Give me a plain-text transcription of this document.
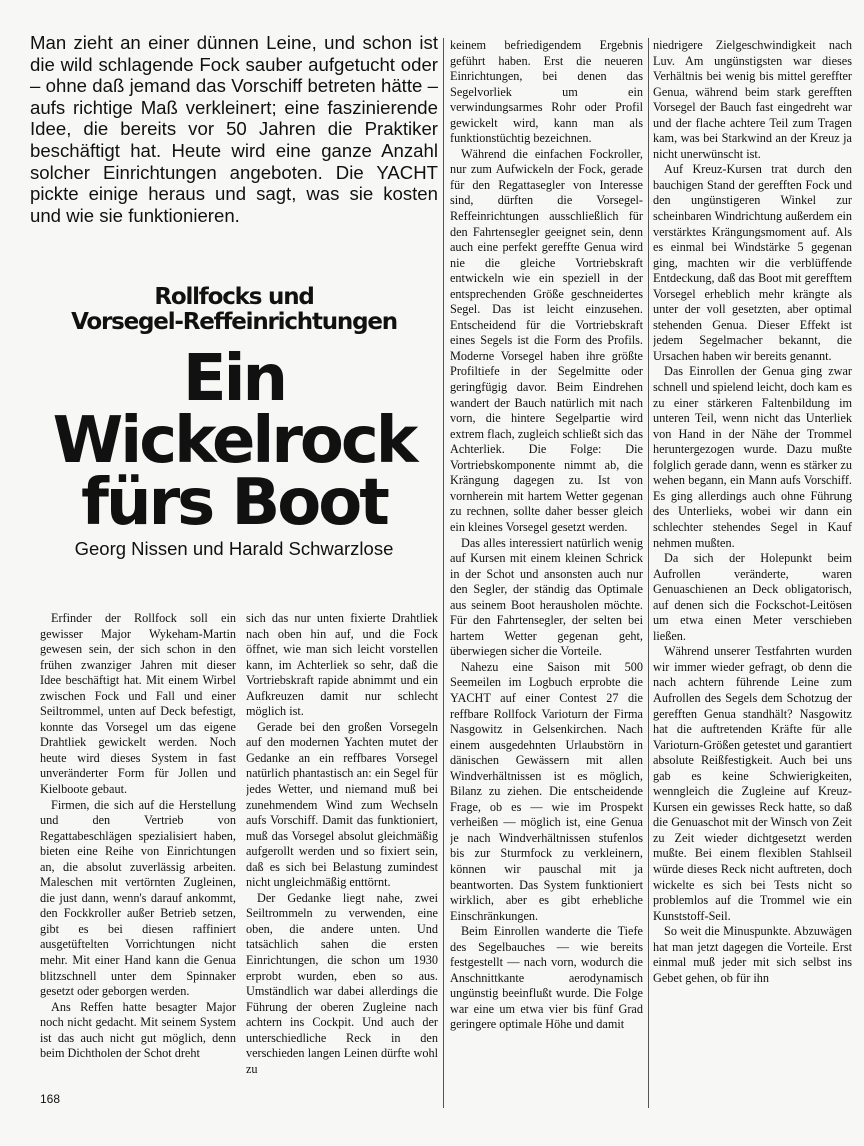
Man zieht an einer dünnen Leine, und schon ist die wild schlagende Fock sauber aufgetucht oder – ohne daß jemand das Vorschiff betreten hätte – aufs richtige Maß verkleinert; eine faszinierende Idee, die bereits vor 50 Jahren die Praktiker beschäftigt hat. Heute wird eine ganze Anzahl solcher Einrichtungen angeboten. Die YACHT pickte einige heraus und sagt, was sie kosten und wie sie funktionieren.

Rollfocks und
Vorsegel-Reffeinrichtungen
Ein
Wickelrock
fürs Boot
Georg Nissen und Harald Schwarzlose

Erfinder der Rollfock soll ein gewisser Major Wykeham-Martin gewesen sein, der sich schon in den frühen zwanziger Jahren mit dieser Idee beschäftigt hat. Mit einem Wirbel zwischen Fock und Fall und einer Seiltrommel, unten auf Deck befestigt, konnte das Vorsegel um das eigene Drahtliek gewickelt werden. Noch heute wird dieses System in fast unveränderter Form für Jollen und Kielboote gebaut.

Firmen, die sich auf die Herstellung und den Vertrieb von Regattabeschlägen spezialisiert haben, bieten eine Reihe von Einrichtungen an, die absolut zuverlässig arbeiten. Maleschen mit vertörnten Zugleinen, die just dann, wenn's darauf ankommt, den Fockkroller außer Betrieb setzen, gibt es bei diesen raffiniert ausgetüftelten Vorrichtungen nicht mehr. Mit einer Hand kann die Genua blitzschnell unter dem Spinnaker gesetzt oder geborgen werden.

Ans Reffen hatte besagter Major noch nicht gedacht. Mit seinem System ist das auch nicht gut möglich, denn beim Dichtholen der Schot dreht

sich das nur unten fixierte Drahtliek nach oben hin auf, und die Fock öffnet, wie man sich leicht vorstellen kann, im Achterliek so sehr, daß die Vortriebskraft rapide abnimmt und ein Aufkreuzen damit nur schlecht möglich ist.

Gerade bei den großen Vorsegeln auf den modernen Yachten mutet der Gedanke an ein reffbares Vorsegel natürlich phantastisch an: ein Segel für jedes Wetter, und niemand muß bei zunehmendem Wind zum Wechseln aufs Vorschiff. Damit das funktioniert, muß das Vorsegel absolut gleichmäßig aufgerollt werden und so fixiert sein, daß es sich bei Belastung zumindest nicht ungleichmäßig enttörnt.

Der Gedanke liegt nahe, zwei Seiltrommeln zu verwenden, eine oben, die andere unten. Und tatsächlich sahen die ersten Einrichtungen, die schon um 1930 erprobt wurden, eben so aus. Umständlich war dabei allerdings die Führung der oberen Zugleine nach achtern ins Cockpit. Und auch der unterschiedliche Reck in den verschieden langen Leinen dürfte wohl zu

keinem befriedigendem Ergebnis geführt haben. Erst die neueren Einrichtungen, bei denen das Segelvorliek um ein verwindungsarmes Rohr oder Profil gewickelt wird, kann man als funktionstüchtig bezeichnen.

Während die einfachen Fockroller, nur zum Aufwickeln der Fock, gerade für den Regattasegler von Interesse sind, dürften die Vorsegel-Reffeinrichtungen ausschließlich für den Fahrtensegler geeignet sein, denn auch eine perfekt gereffte Genua wird nie die gleiche Vortriebskraft entwickeln wie ein speziell in der entsprechenden Größe geschneidertes Segel. Das ist leicht einzusehen. Entscheidend für die Vortriebskraft eines Segels ist die Form des Profils. Moderne Vorsegel haben ihre größte Profiltiefe in der Segelmitte oder geringfügig davor. Beim Eindrehen wandert der Bauch natürlich mit nach vorn, die hintere Segelpartie wird extrem flach, zugleich schließt sich das Achterliek. Die Folge: Die Vortriebskomponente nimmt ab, die Krängung dagegen zu. Ist von vornherein mit hartem Wetter gegenan zu rechnen, sollte daher besser gleich ein kleines Vorsegel gesetzt werden.

Das alles interessiert natürlich wenig auf Kursen mit einem kleinen Schrick in der Schot und ansonsten auch nur den Segler, der ständig das Optimale aus seinem Boot herausholen möchte. Für den Fahrtensegler, der selten bei hartem Wetter gegenan geht, überwiegen sicher die Vorteile.

Nahezu eine Saison mit 500 Seemeilen im Logbuch erprobte die YACHT auf einer Contest 27 die reffbare Rollfock Varioturn der Firma Nasgowitz in Gelsenkirchen. Nach einem ausgedehnten Urlaubstörn in dänischen Gewässern mit allen Windverhältnissen ist es möglich, Bilanz zu ziehen. Die entscheidende Frage, ob es — wie im Prospekt verheißen — möglich ist, eine Genua je nach Windverhältnissen stufenlos bis zur Sturmfock zu verkleinern, können wir pauschal mit ja beantworten. Das System funktioniert wirklich, aber es gibt erhebliche Einschränkungen.

Beim Einrollen wanderte die Tiefe des Segelbauches — wie bereits festgestellt — nach vorn, wodurch die Anschnittkante aerodynamisch ungünstig beeinflußt wurde. Die Folge war eine um etwa vier bis fünf Grad geringere optimale Höhe und damit

niedrigere Zielgeschwindigkeit nach Luv. Am ungünstigsten war dieses Verhältnis bei wenig bis mittel gereffter Genua, während beim stark gerefften Vorsegel der Bauch fast eingedreht war und der flache achtere Teil zum Tragen kam, was bei Starkwind an der Kreuz ja nicht unerwünscht ist.

Auf Kreuz-Kursen trat durch den bauchigen Stand der gerefften Fock und den ungünstigeren Winkel zur scheinbaren Windrichtung außerdem ein verstärktes Krängungsmoment auf. Als es einmal bei Windstärke 5 gegenan ging, machten wir die verblüffende Entdeckung, daß das Boot mit gerefftem Vorsegel erheblich mehr krängte als unter der voll gesetzten, aber optimal stehenden Genua. Dieser Effekt ist jedem Segelmacher bekannt, die Ursachen haben wir bereits genannt.

Das Einrollen der Genua ging zwar schnell und spielend leicht, doch kam es zu einer stärkeren Faltenbildung im unteren Teil, wenn nicht das Unterliek von Hand in der Nähe der Trommel heruntergezogen wurde. Dazu mußte folglich gerade dann, wenn es stärker zu wehen begann, ein Mann aufs Vorschiff. Es ging allerdings auch ohne Führung des Unterlieks, wobei wir dann ein schlechter stehendes Segel in Kauf nehmen mußten.

Da sich der Holepunkt beim Aufrollen veränderte, waren Genuaschienen an Deck obligatorisch, auf denen sich die Fockschot-Leitösen um etwa einen Meter verschieben ließen.

Während unserer Testfahrten wurden wir immer wieder gefragt, ob denn die nach achtern führende Leine zum Aufrollen des Segels dem Schotzug der gerefften Genua standhält? Nasgowitz hat die auftretenden Kräfte für alle Varioturn-Größen getestet und garantiert absolute Reißfestigkeit. Auch bei uns gab es keine Schwierigkeiten, wenngleich die Zugleine auf Kreuz-Kursen ein gewisses Reck hatte, so daß die Genuaschot mit der Winsch von Zeit zu Zeit wieder dichtgesetzt werden mußte. Bei einem flexiblen Stahlseil würde dieses Reck nicht auftreten, doch wickelte es sich bei Tests nicht so problemlos auf die Trommel wie ein Kunststoff-Seil.

So weit die Minuspunkte. Abzuwägen hat man jetzt dagegen die Vorteile. Erst einmal muß jeder mit sich selbst ins Gebet gehen, ob für ihn

168
